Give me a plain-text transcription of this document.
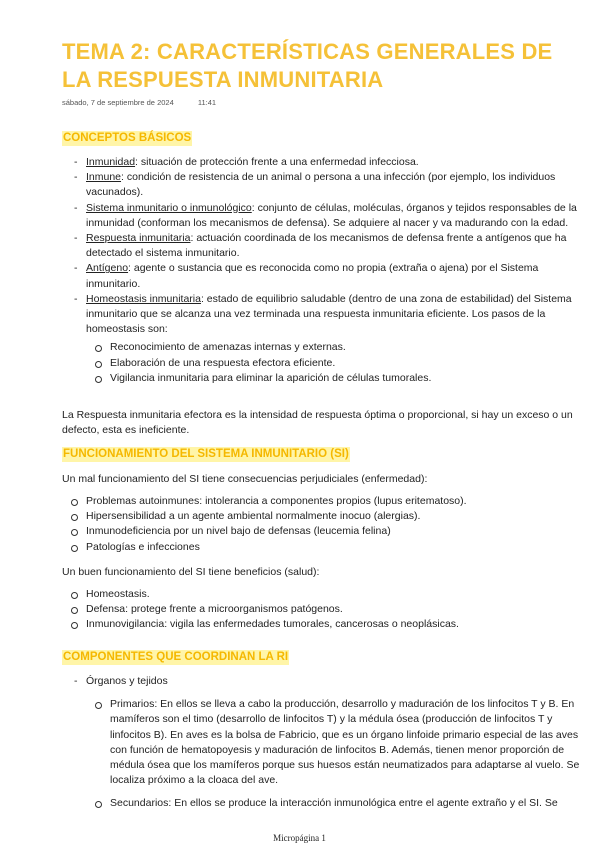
TEMA 2: CARACTERÍSTICAS GENERALES DE LA RESPUESTA INMUNITARIA
sábado, 7 de septiembre de 2024	11:41
CONCEPTOS BÁSICOS
- Inmunidad: situación de protección frente a una enfermedad infecciosa.
- Inmune: condición de resistencia de un animal o persona a una infección (por ejemplo, los individuos vacunados).
- Sistema inmunitario o inmunológico: conjunto de células, moléculas, órganos y tejidos responsables de la inmunidad (conforman los mecanismos de defensa). Se adquiere al nacer y va madurando con la edad.
- Respuesta inmunitaria: actuación coordinada de los mecanismos de defensa frente a antígenos que ha detectado el sistema inmunitario.
- Antígeno: agente o sustancia que es reconocida como no propia (extraña o ajena) por el Sistema inmunitario.
- Homeostasis inmunitaria: estado de equilibrio saludable (dentro de una zona de estabilidad) del Sistema inmunitario que se alcanza una vez terminada una respuesta inmunitaria eficiente. Los pasos de la homeostasis son:
Reconocimiento de amenazas internas y externas.
Elaboración de una respuesta efectora eficiente.
Vigilancia inmunitaria para eliminar la aparición de células tumorales.

La Respuesta inmunitaria efectora es la intensidad de respuesta óptima o proporcional, si hay un exceso o un defecto, esta es ineficiente.

FUNCIONAMIENTO DEL SISTEMA INMUNITARIO (SI)

Un mal funcionamiento del SI tiene consecuencias perjudiciales (enfermedad):

Problemas autoinmunes: intolerancia a componentes propios (lupus eritematoso).
Hipersensibilidad a un agente ambiental normalmente inocuo (alergias).
Inmunodeficiencia por un nivel bajo de defensas (leucemia felina)
Patologías e infecciones

Un buen funcionamiento del SI tiene beneficios (salud):

Homeostasis.
Defensa: protege frente a microorganismos patógenos.
Inmunovigilancia: vigila las enfermedades tumorales, cancerosas o neoplásicas.
COMPONENTES QUE COORDINAN LA RI
- Órganos y tejidos
Primarios: En ellos se lleva a cabo la producción, desarrollo y maduración de los linfocitos T y B. En mamíferos son el timo (desarrollo de linfocitos T) y la médula ósea (producción de linfocitos T y linfocitos B). En aves es la bolsa de Fabricio, que es un órgano linfoide primario especial de las aves con función de hematopoyesis y maduración de linfocitos B. Además, tienen menor proporción de médula ósea que los mamíferos porque sus huesos están neumatizados para adaptarse al vuelo. Se localiza próximo a la cloaca del ave.
Secundarios: En ellos se produce la interacción inmunológica entre el agente extraño y el SI. Se
Micropágina 1
